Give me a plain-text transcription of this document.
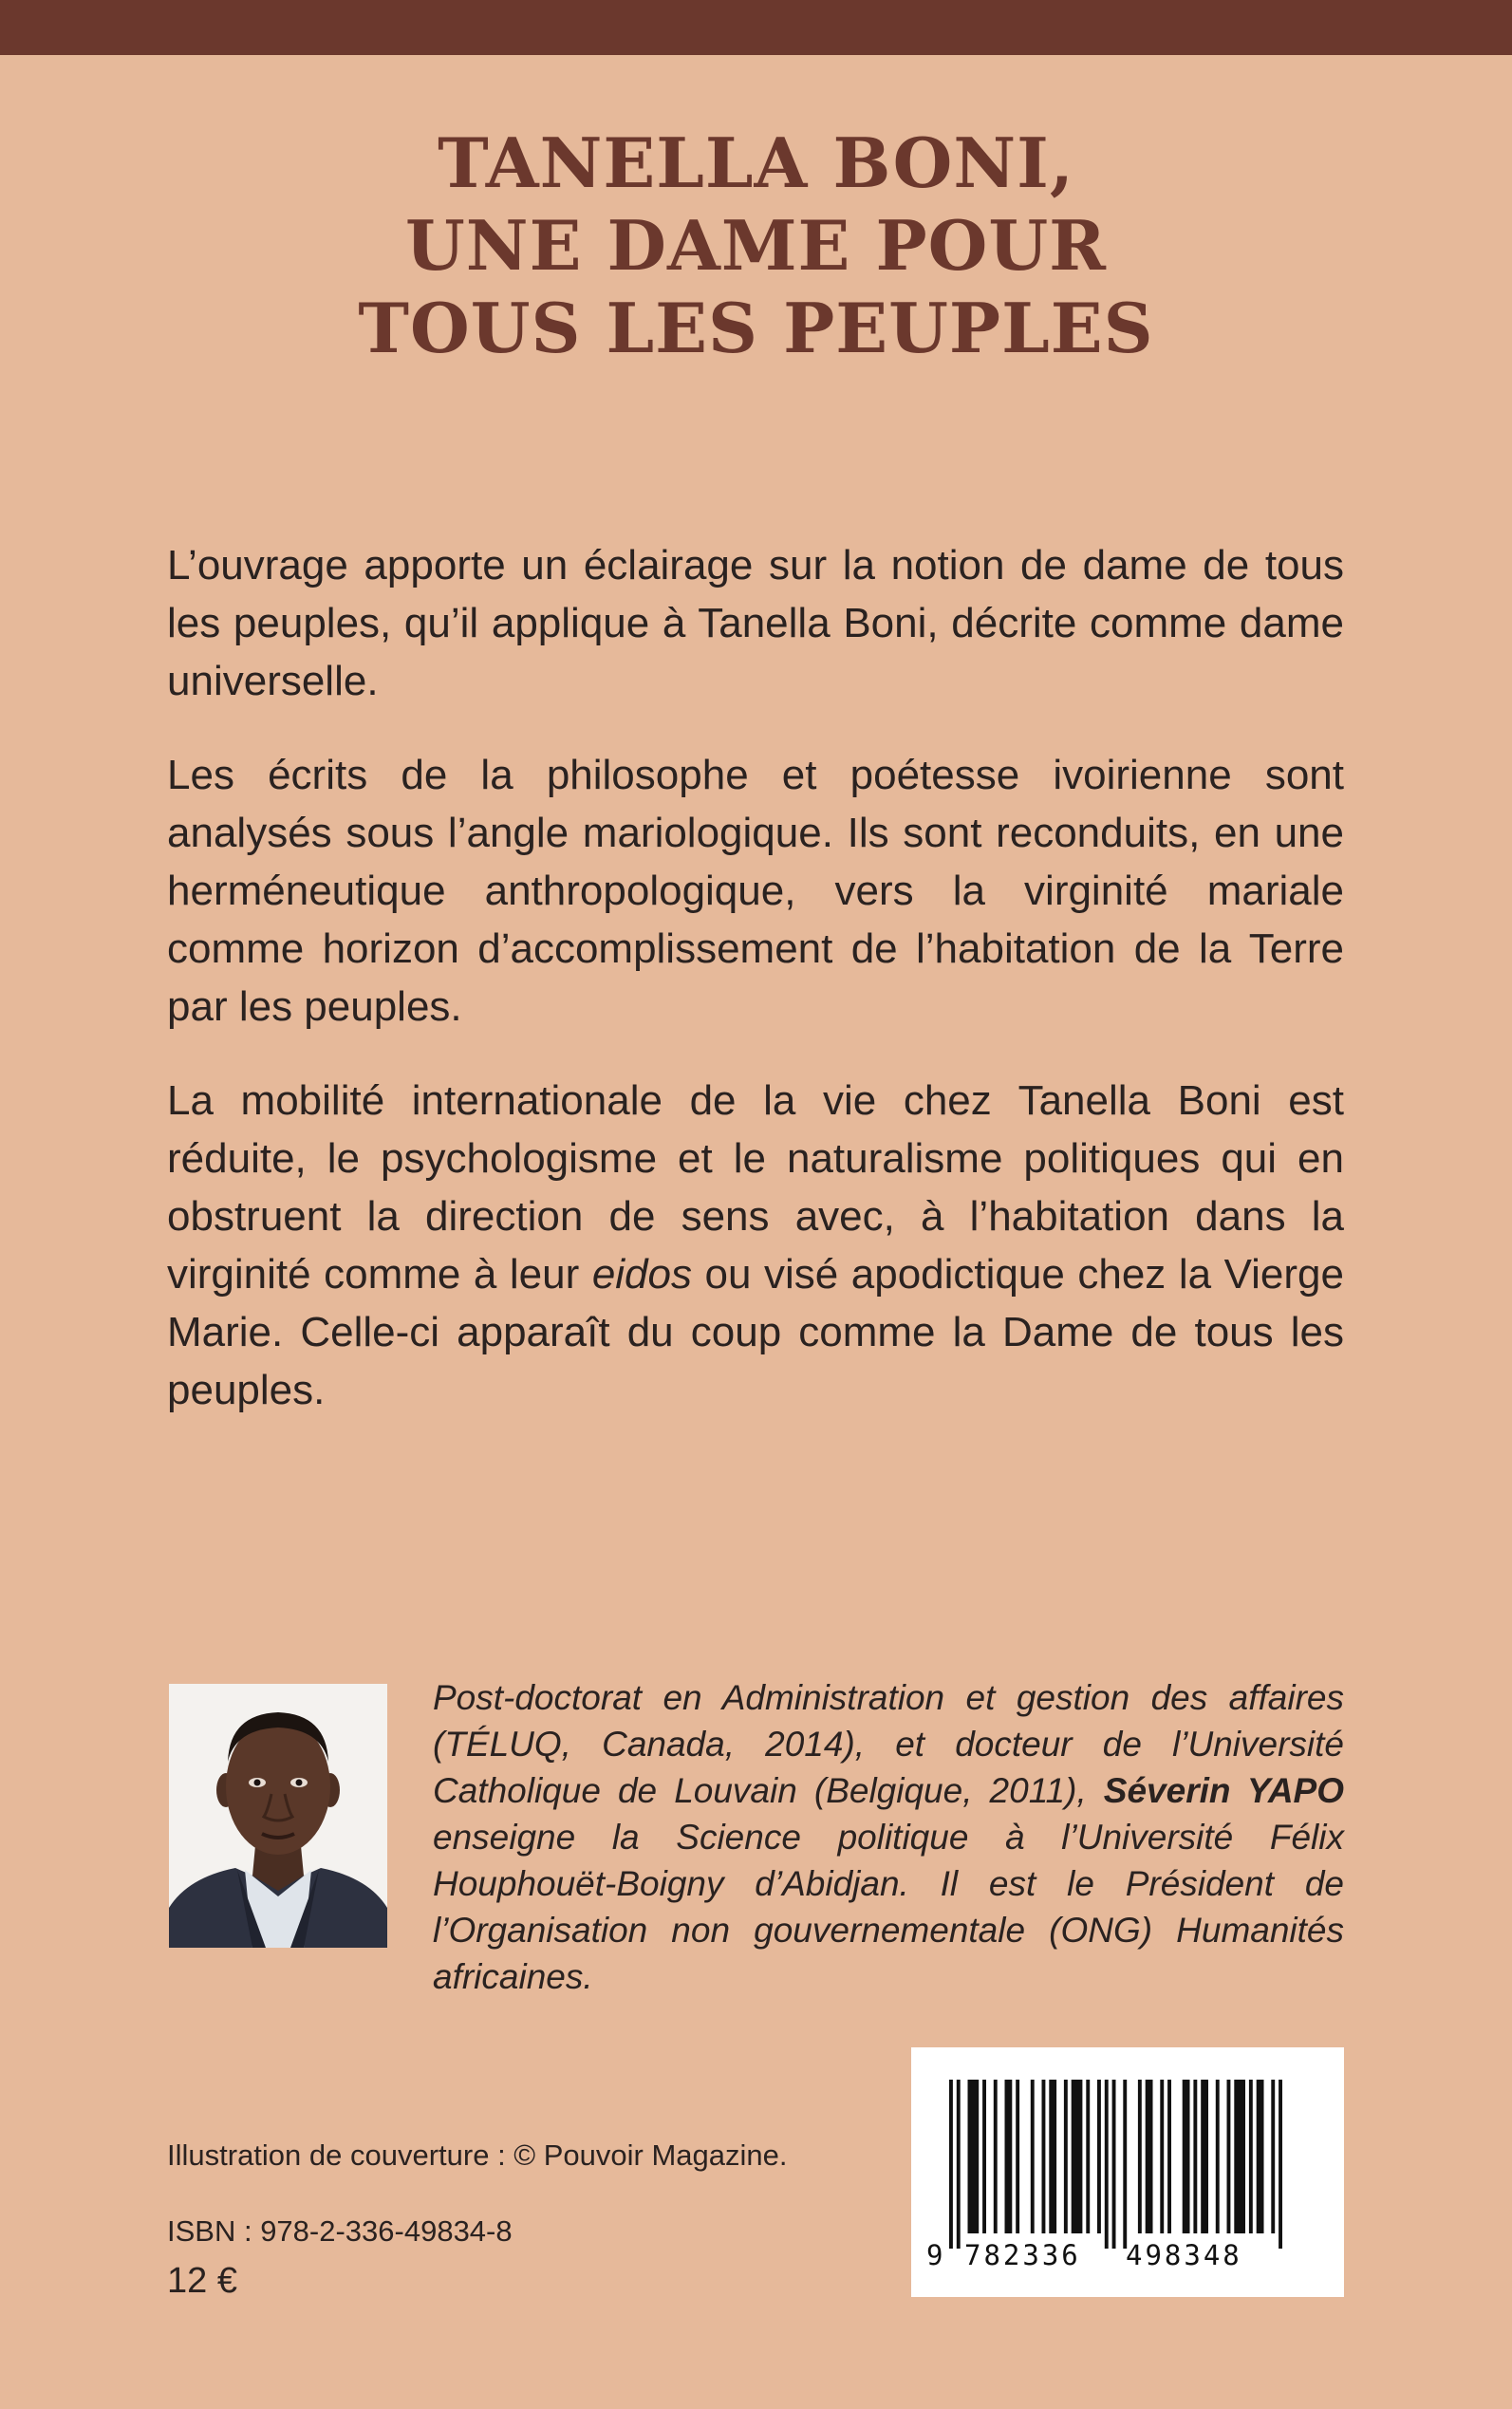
TANELLA BONI,
UNE DAME POUR
TOUS LES PEUPLES

L’ouvrage apporte un éclairage sur la notion de dame de tous les peuples, qu’il applique à Tanella Boni, décrite comme dame universelle.

Les écrits de la philosophe et poétesse ivoirienne sont analysés sous l’angle mariologique. Ils sont reconduits, en une herméneutique anthropologique, vers la virginité mariale comme horizon d’accomplissement de l’habitation de la Terre par les peuples.

La mobilité internationale de la vie chez Tanella Boni est réduite, le psychologisme et le naturalisme politiques qui en obstruent la direction de sens avec, à l’habitation dans la virginité comme à leur eidos ou visé apodictique chez la Vierge Marie. Celle-ci apparaît du coup comme la Dame de tous les peuples.

Post-doctorat en Administration et gestion des affaires (TÉLUQ, Canada, 2014), et docteur de l’Université Catholique de Louvain (Belgique, 2011), Séverin YAPO enseigne la Science politique à l’Université Félix Houphouët-Boigny d’Abidjan. Il est le Président de l’Organisation non gouvernementale (ONG) Humanités africaines.
9 782336 498348
Illustration de couverture : © Pouvoir Magazine.
ISBN : 978-2-336-49834-8
12 €
